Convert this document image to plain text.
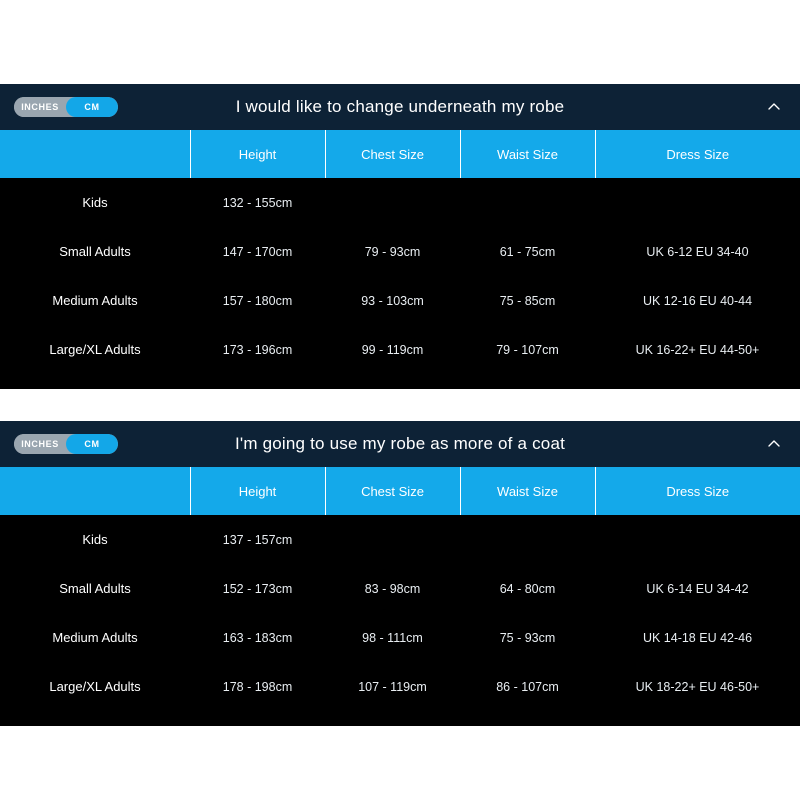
INCHES	CM	I would like to change underneath my robe
	Height	Chest Size	Waist Size	Dress Size
Kids	132 - 155cm			
Small Adults	147 - 170cm	79 - 93cm	61 - 75cm	UK 6-12 EU 34-40
Medium Adults	157 - 180cm	93 - 103cm	75 - 85cm	UK 12-16 EU 40-44
Large/XL Adults	173 - 196cm	99 - 119cm	79 - 107cm	UK 16-22+ EU 44-50+
INCHES	CM	I'm going to use my robe as more of a coat
	Height	Chest Size	Waist Size	Dress Size
Kids	137 - 157cm			
Small Adults	152 - 173cm	83 - 98cm	64 - 80cm	UK 6-14 EU 34-42
Medium Adults	163 - 183cm	98 - 111cm	75 - 93cm	UK 14-18 EU 42-46
Large/XL Adults	178 - 198cm	107 - 119cm	86 - 107cm	UK 18-22+ EU 46-50+
